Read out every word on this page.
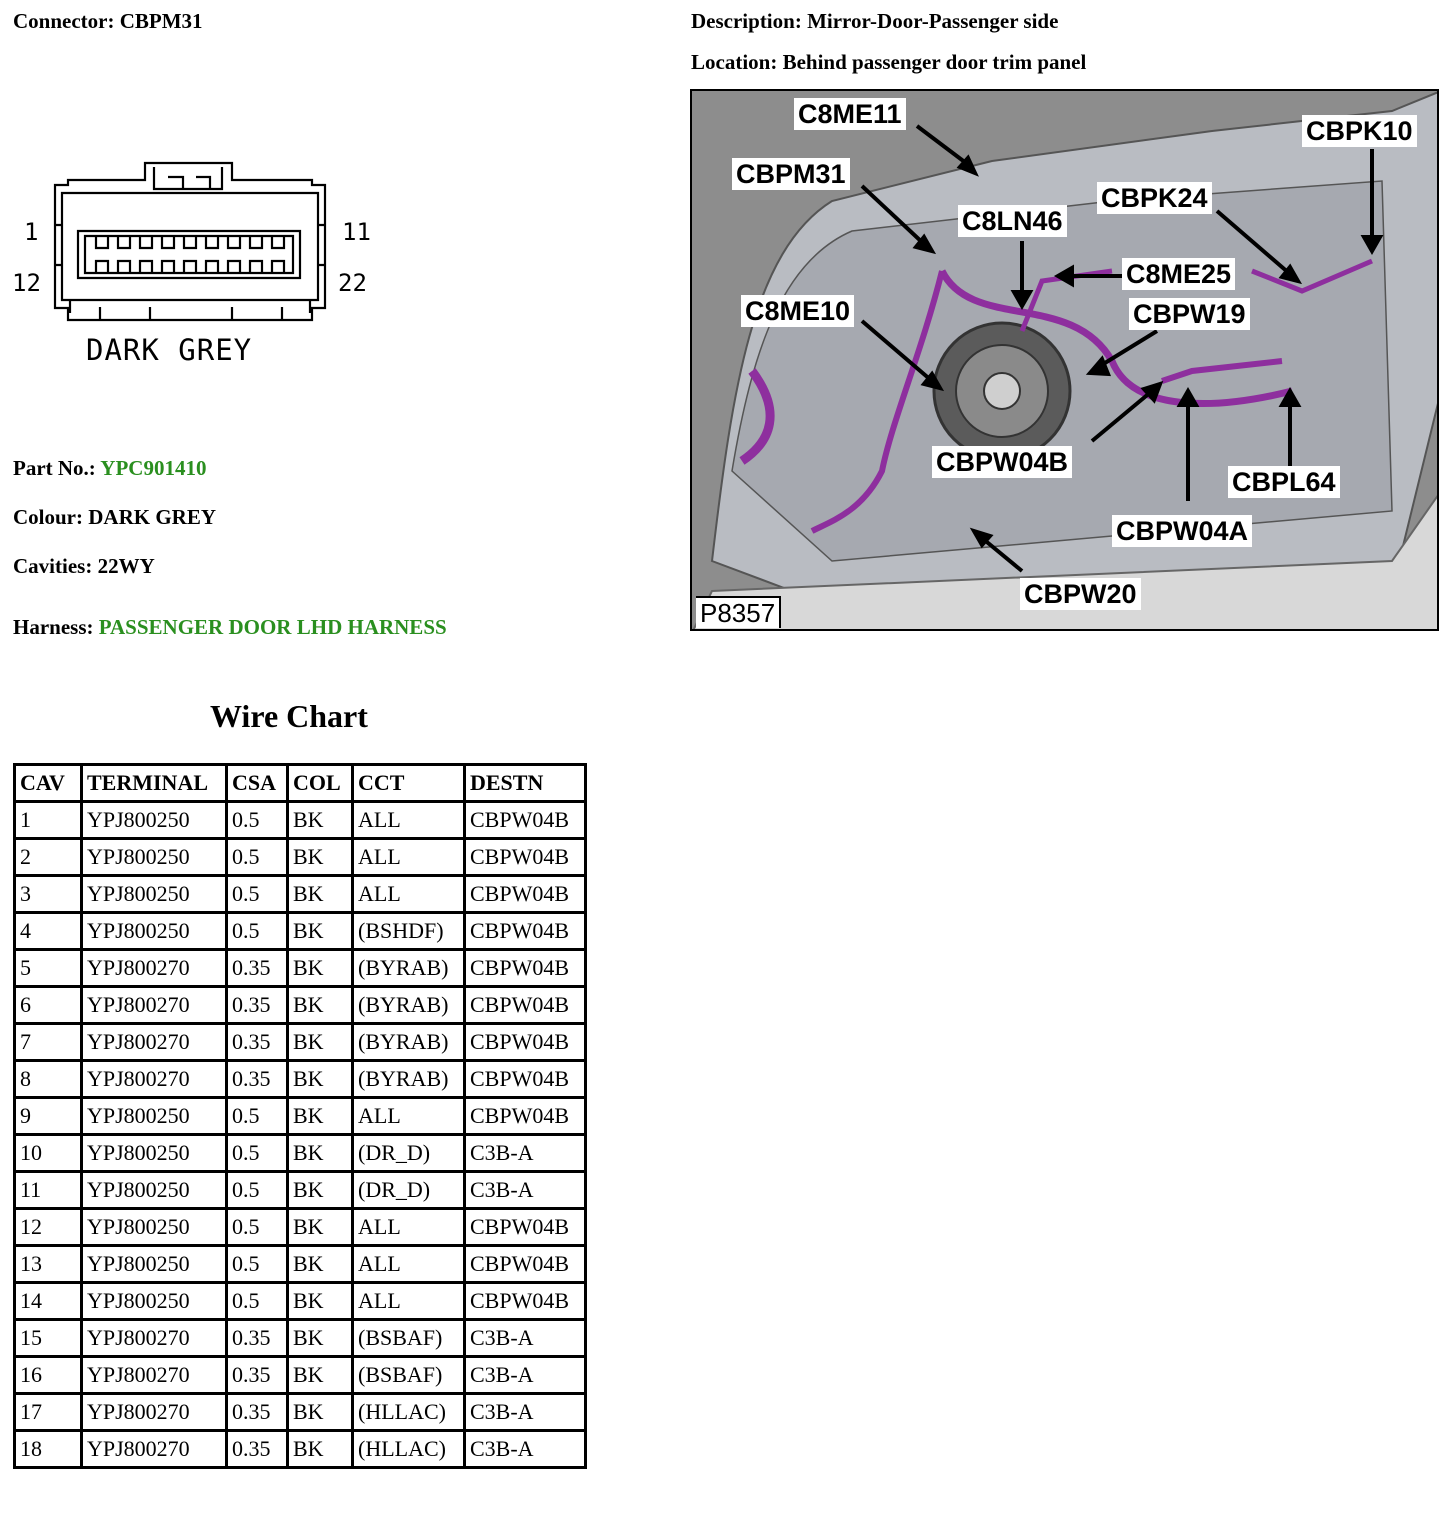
Connector: CBPM31	Description: Mirror-Door-Passenger side
Location: Behind passenger door trim panel
1
12
11
22
DARK GREY
Part No.: YPC901410
Colour: DARK GREY
Cavities: 22WY
Harness: PASSENGER DOOR LHD HARNESS
Wire Chart
CAV	TERMINAL	CSA	COL	CCT	DESTN
1	YPJ800250	0.5	BK	ALL	CBPW04B
2	YPJ800250	0.5	BK	ALL	CBPW04B
3	YPJ800250	0.5	BK	ALL	CBPW04B
4	YPJ800250	0.5	BK	(BSHDF)	CBPW04B
5	YPJ800270	0.35	BK	(BYRAB)	CBPW04B
6	YPJ800270	0.35	BK	(BYRAB)	CBPW04B
7	YPJ800270	0.35	BK	(BYRAB)	CBPW04B
8	YPJ800270	0.35	BK	(BYRAB)	CBPW04B
9	YPJ800250	0.5	BK	ALL	CBPW04B
10	YPJ800250	0.5	BK	(DR_D)	C3B-A
11	YPJ800250	0.5	BK	(DR_D)	C3B-A
12	YPJ800250	0.5	BK	ALL	CBPW04B
13	YPJ800250	0.5	BK	ALL	CBPW04B
14	YPJ800250	0.5	BK	ALL	CBPW04B
15	YPJ800270	0.35	BK	(BSBAF)	C3B-A
16	YPJ800270	0.35	BK	(BSBAF)	C3B-A
17	YPJ800270	0.35	BK	(HLLAC)	C3B-A
18	YPJ800270	0.35	BK	(HLLAC)	C3B-A
C8ME11
CBPM31
C8LN46
CBPK24
CBPK10
C8ME25
C8ME10	CBPW19
CBPW04B
CBPL64
CBPW04A
CBPW20
P8357
